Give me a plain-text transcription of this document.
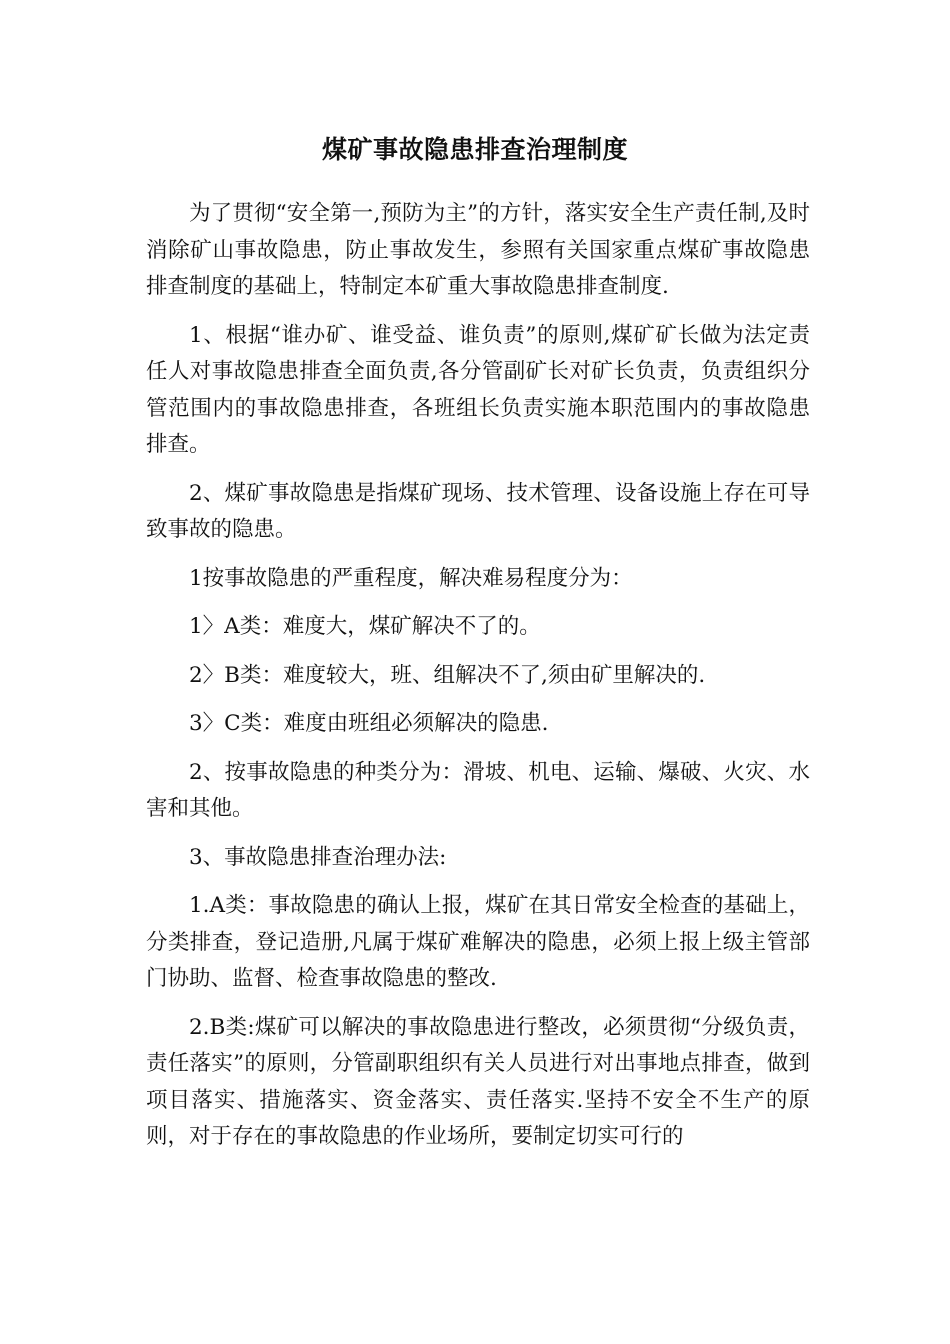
煤矿事故隐患排查治理制度

为了贯彻“安全第一,预防为主”的方针，落实安全生产责任制,及时消除矿山事故隐患，防止事故发生，参照有关国家重点煤矿事故隐患排查制度的基础上，特制定本矿重大事故隐患排查制度.

1、根据“谁办矿、谁受益、谁负责”的原则,煤矿矿长做为法定责任人对事故隐患排查全面负责,各分管副矿长对矿长负责，负责组织分管范围内的事故隐患排查，各班组长负责实施本职范围内的事故隐患排查。

2、煤矿事故隐患是指煤矿现场、技术管理、设备设施上存在可导致事故的隐患。

1按事故隐患的严重程度，解决难易程度分为：

1〉A类：难度大，煤矿解决不了的。

2〉B类：难度较大，班、组解决不了,须由矿里解决的.

3〉C类：难度由班组必须解决的隐患.

2、按事故隐患的种类分为：滑坡、机电、运输、爆破、火灾、水害和其他。

3、事故隐患排查治理办法:

1.A类：事故隐患的确认上报，煤矿在其日常安全检查的基础上，分类排查，登记造册,凡属于煤矿难解决的隐患，必须上报上级主管部门协助、监督、检查事故隐患的整改.

2.B类:煤矿可以解决的事故隐患进行整改，必须贯彻“分级负责，责任落实”的原则，分管副职组织有关人员进行对出事地点排查，做到项目落实、措施落实、资金落实、责任落实.坚持不安全不生产的原则，对于存在的事故隐患的作业场所，要制定切实可行的
